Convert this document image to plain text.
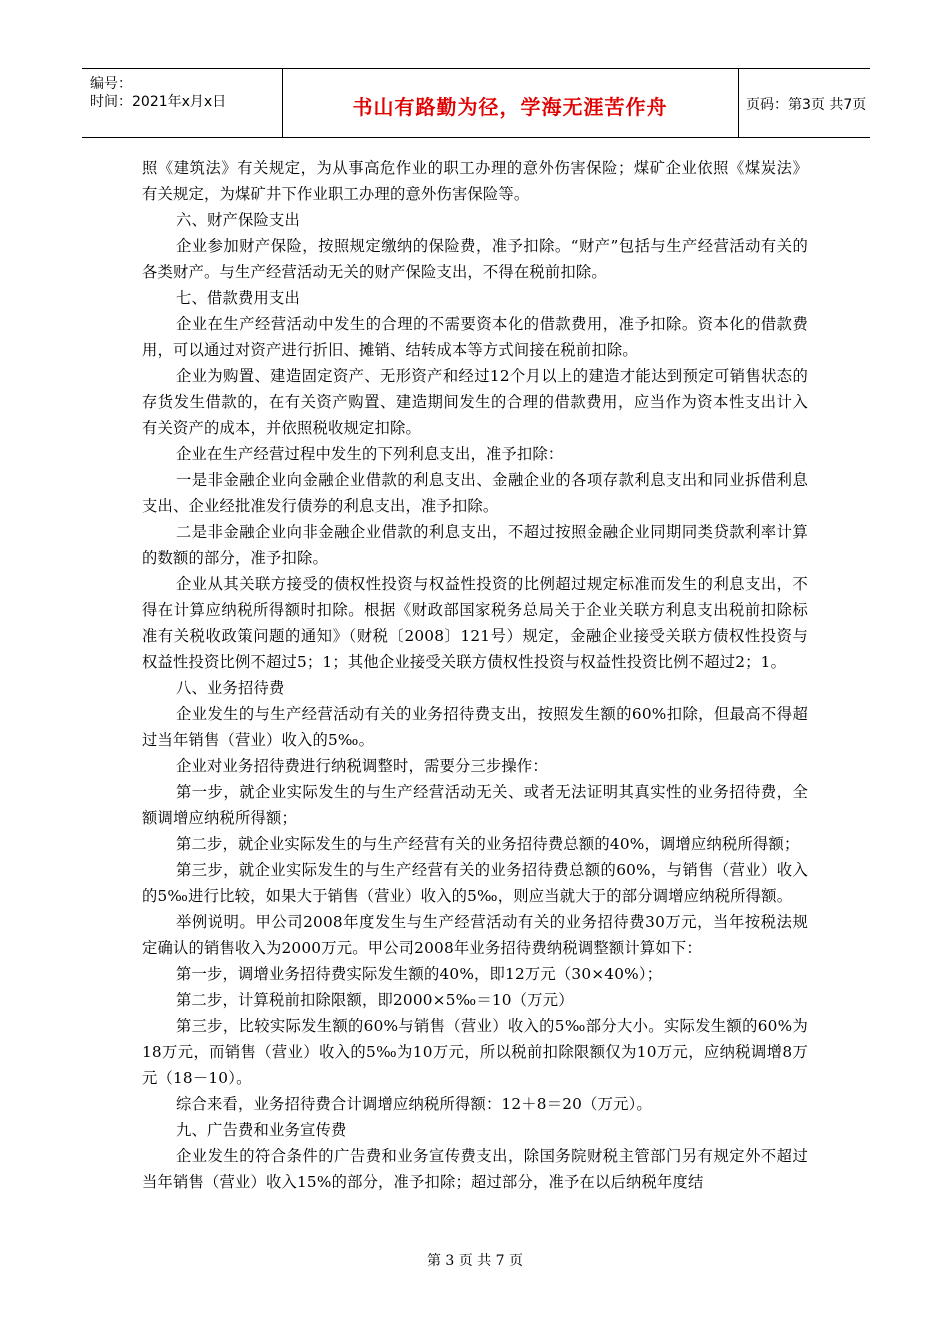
编号：
时间：2021年x月x日	书山有路勤为径，学海无涯苦作舟	页码：第3页 共7页

照《建筑法》有关规定，为从事高危作业的职工办理的意外伤害保险；煤矿企业依照《煤炭法》有关规定，为煤矿井下作业职工办理的意外伤害保险等。

六、财产保险支出

企业参加财产保险，按照规定缴纳的保险费，准予扣除。“财产”包括与生产经营活动有关的各类财产。与生产经营活动无关的财产保险支出，不得在税前扣除。

七、借款费用支出

企业在生产经营活动中发生的合理的不需要资本化的借款费用，准予扣除。资本化的借款费用，可以通过对资产进行折旧、摊销、结转成本等方式间接在税前扣除。

企业为购置、建造固定资产、无形资产和经过12个月以上的建造才能达到预定可销售状态的存货发生借款的，在有关资产购置、建造期间发生的合理的借款费用，应当作为资本性支出计入有关资产的成本，并依照税收规定扣除。

企业在生产经营过程中发生的下列利息支出，准予扣除：

一是非金融企业向金融企业借款的利息支出、金融企业的各项存款利息支出和同业拆借利息支出、企业经批准发行债券的利息支出，准予扣除。

二是非金融企业向非金融企业借款的利息支出，不超过按照金融企业同期同类贷款利率计算的数额的部分，准予扣除。

企业从其关联方接受的债权性投资与权益性投资的比例超过规定标准而发生的利息支出，不得在计算应纳税所得额时扣除。根据《财政部国家税务总局关于企业关联方利息支出税前扣除标准有关税收政策问题的通知》（财税〔2008〕121号）规定，金融企业接受关联方债权性投资与权益性投资比例不超过5；1；其他企业接受关联方债权性投资与权益性投资比例不超过2；1。

八、业务招待费

企业发生的与生产经营活动有关的业务招待费支出，按照发生额的60%扣除，但最高不得超过当年销售（营业）收入的5‰。

企业对业务招待费进行纳税调整时，需要分三步操作：

第一步，就企业实际发生的与生产经营活动无关、或者无法证明其真实性的业务招待费，全额调增应纳税所得额；

第二步，就企业实际发生的与生产经营有关的业务招待费总额的40%，调增应纳税所得额；

第三步，就企业实际发生的与生产经营有关的业务招待费总额的60%，与销售（营业）收入的5‰进行比较，如果大于销售（营业）收入的5‰，则应当就大于的部分调增应纳税所得额。

举例说明。甲公司2008年度发生与生产经营活动有关的业务招待费30万元，当年按税法规定确认的销售收入为2000万元。甲公司2008年业务招待费纳税调整额计算如下：

第一步，调增业务招待费实际发生额的40%，即12万元（30×40%）；

第二步，计算税前扣除限额，即2000×5‰＝10（万元）

第三步，比较实际发生额的60%与销售（营业）收入的5‰部分大小。实际发生额的60%为18万元，而销售（营业）收入的5‰为10万元，所以税前扣除限额仅为10万元，应纳税调增8万元（18－10）。

综合来看，业务招待费合计调增应纳税所得额：12＋8＝20（万元）。

九、广告费和业务宣传费

企业发生的符合条件的广告费和业务宣传费支出，除国务院财税主管部门另有规定外不超过当年销售（营业）收入15%的部分，准予扣除；超过部分，准予在以后纳税年度结

第 3 页 共 7 页
